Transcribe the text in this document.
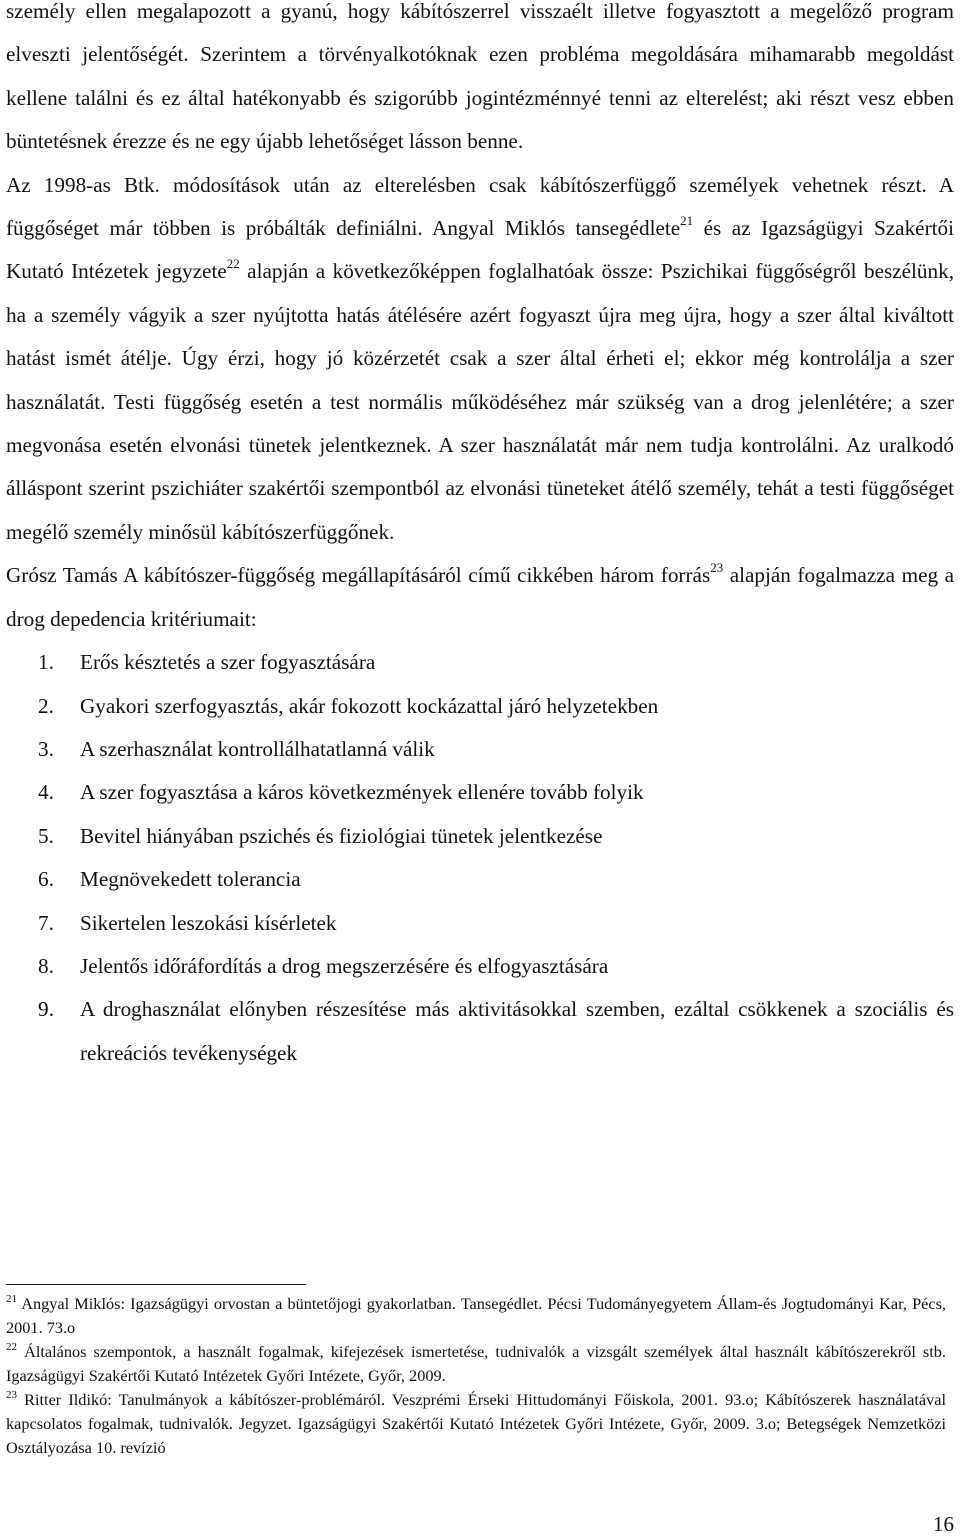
személy ellen megalapozott a gyanú, hogy kábítószerrel visszaélt illetve fogyasztott a megelőző program elveszti jelentőségét. Szerintem a törvényalkotóknak ezen probléma megoldására mihamarabb megoldást kellene találni és ez által hatékonyabb és szigorúbb jogintézménnyé tenni az elterelést; aki részt vesz ebben büntetésnek érezze és ne egy újabb lehetőséget lásson benne.

Az 1998-as Btk. módosítások után az elterelésben csak kábítószerfüggő személyek vehetnek részt. A függőséget már többen is próbálták definiálni. Angyal Miklós tansegédlete$^{21}$ és az Igazságügyi Szakértői Kutató Intézetek jegyzete$^{22}$ alapján a következőképpen foglalhatóak össze: Pszichikai függőségről beszélünk, ha a személy vágyik a szer nyújtotta hatás átélésére azért fogyaszt újra meg újra, hogy a szer által kiváltott hatást ismét átélje. Úgy érzi, hogy jó közérzetét csak a szer által érheti el; ekkor még kontrolálja a szer használatát. Testi függőség esetén a test normális működéséhez már szükség van a drog jelenlétére; a szer megvonása esetén elvonási tünetek jelentkeznek. A szer használatát már nem tudja kontrolálni. Az uralkodó álláspont szerint pszichiáter szakértői szempontból az elvonási tüneteket átélő személy, tehát a testi függőséget megélő személy minősül kábítószerfüggőnek.

Grósz Tamás A kábítószer-függőség megállapításáról című cikkében három forrás$^{23}$ alapján fogalmazza meg a drog depedencia kritériumait:

1. Erős késztetés a szer fogyasztására
2. Gyakori szerfogyasztás, akár fokozott kockázattal járó helyzetekben
3. A szerhasználat kontrollálhatatlanná válik
4. A szer fogyasztása a káros következmények ellenére tovább folyik
5. Bevitel hiányában pszichés és fiziológiai tünetek jelentkezése
6. Megnövekedett tolerancia
7. Sikertelen leszokási kísérletek
8. Jelentős időráfordítás a drog megszerzésére és elfogyasztására
9. A droghasználat előnyben részesítése más aktivitásokkal szemben, ezáltal csökkenek a szociális és rekreációs tevékenységek

$^{21}$ Angyal Miklós: Igazságügyi orvostan a büntetőjogi gyakorlatban. Tansegédlet. Pécsi Tudományegyetem Állam-és Jogtudományi Kar, Pécs, 2001. 73.o

$^{22}$ Általános szempontok, a használt fogalmak, kifejezések ismertetése, tudnivalók a vizsgált személyek által használt kábítószerekről stb. Igazságügyi Szakértői Kutató Intézetek Győri Intézete, Győr, 2009.

$^{23}$ Ritter Ildikó: Tanulmányok a kábítószer-problémáról. Veszprémi Érseki Hittudományi Főiskola, 2001. 93.o; Kábítószerek használatával kapcsolatos fogalmak, tudnivalók. Jegyzet. Igazságügyi Szakértői Kutató Intézetek Győri Intézete, Győr, 2009. 3.o; Betegségek Nemzetközi Osztályozása 10. revízió

16
